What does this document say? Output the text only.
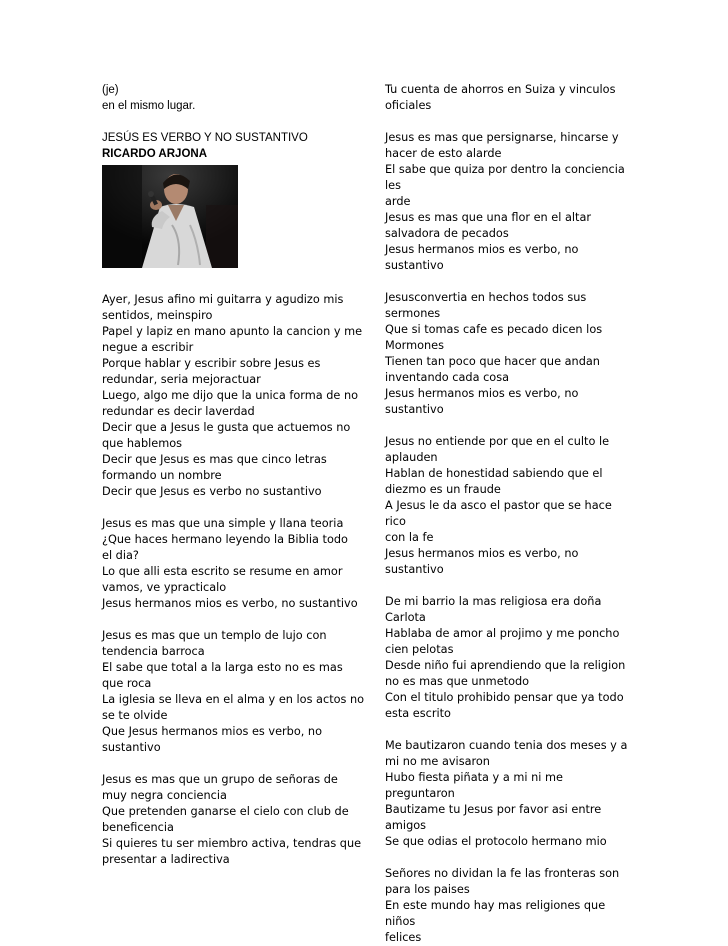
(je)

en el mismo lugar.

JESÚS ES VERBO Y NO SUSTANTIVO

RICARDO ARJONA

Ayer, Jesus afino mi guitarra y agudizo mis

sentidos, meinspiro

Papel y lapiz en mano apunto la cancion y me

negue a escribir

Porque hablar y escribir sobre Jesus es

redundar, seria mejoractuar

Luego, algo me dijo que la unica forma de no

redundar es decir laverdad

Decir que a Jesus le gusta que actuemos no

que hablemos

Decir que Jesus es mas que cinco letras

formando un nombre

Decir que Jesus es verbo no sustantivo

Jesus es mas que una simple y llana teoria

¿Que haces hermano leyendo la Biblia todo

el dia?

Lo que alli esta escrito se resume en amor

vamos, ve ypracticalo

Jesus hermanos mios es verbo, no sustantivo

Jesus es mas que un templo de lujo con

tendencia barroca

El sabe que total a la larga esto no es mas

que roca

La iglesia se lleva en el alma y en los actos no

se te olvide

Que Jesus hermanos mios es verbo, no

sustantivo

Jesus es mas que un grupo de señoras de

muy negra conciencia

Que pretenden ganarse el cielo con club de

beneficencia

Si quieres tu ser miembro activa, tendras que

presentar a ladirectiva

Tu cuenta de ahorros en Suiza y vinculos

oficiales

Jesus es mas que persignarse, hincarse y

hacer de esto alarde

El sabe que quiza por dentro la conciencia les

arde

Jesus es mas que una flor en el altar

salvadora de pecados

Jesus hermanos mios es verbo, no sustantivo

Jesusconvertia en hechos todos sus

sermones

Que si tomas cafe es pecado dicen los

Mormones

Tienen tan poco que hacer que andan

inventando cada cosa

Jesus hermanos mios es verbo, no sustantivo

Jesus no entiende por que en el culto le

aplauden

Hablan de honestidad sabiendo que el

diezmo es un fraude

A Jesus le da asco el pastor que se hace rico

con la fe

Jesus hermanos mios es verbo, no sustantivo

De mi barrio la mas religiosa era doña

Carlota

Hablaba de amor al projimo y me poncho

cien pelotas

Desde niño fui aprendiendo que la religion

no es mas que unmetodo

Con el titulo prohibido pensar que ya todo

esta escrito

Me bautizaron cuando tenia dos meses y a

mi no me avisaron

Hubo fiesta piñata y a mi ni me preguntaron

Bautizame tu Jesus por favor asi entre

amigos

Se que odias el protocolo hermano mio

Señores no dividan la fe las fronteras son

para los paises

En este mundo hay mas religiones que niños

felices
